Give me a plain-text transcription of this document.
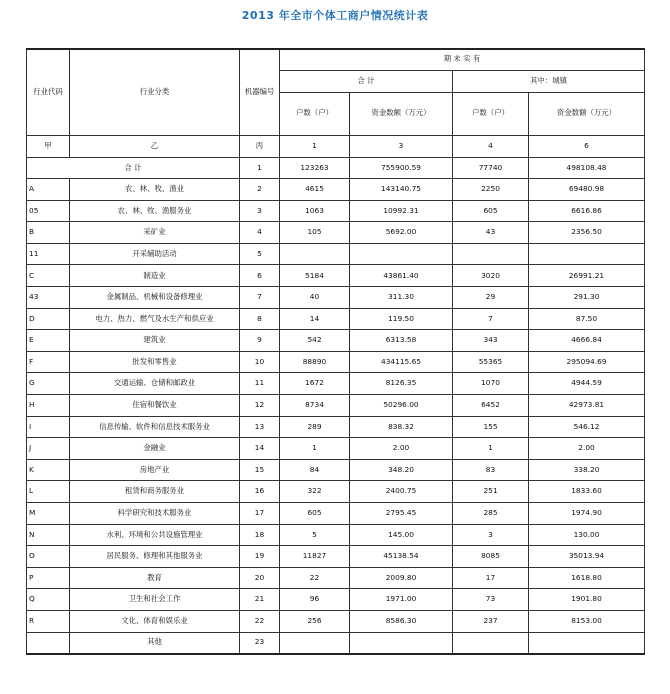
2013 年全市个体工商户情况统计表
行业代码	行业分类	机器编号	期 末 实 有			
			合 计		其中：城镇	
			户数（户）	资金数额（万元）	户数（户）	资金数额（万元）
甲	乙	丙	1	3	4	6
合 计		1	123263	755900.59	77740	498108.48
A	农、林、牧、渔业	2	4615	143140.75	2250	69480.98
05	农、林、牧、渔服务业	3	1063	10992.31	605	6616.86
B	采矿业	4	105	5692.00	43	2356.50
11	开采辅助活动	5				
C	制造业	6	5184	43861.40	3020	26991.21
43	金属制品、机械和设备修理业	7	40	311.30	29	291.30
D	电力、热力、燃气及水生产和供应业	8	14	119.50	7	87.50
E	建筑业	9	542	6313.58	343	4666.84
F	批发和零售业	10	88890	434115.65	55365	295094.69
G	交通运输、仓储和邮政业	11	1672	8126.35	1070	4944.59
H	住宿和餐饮业	12	8734	50296.00	6452	42973.81
I	信息传输、软件和信息技术服务业	13	289	838.32	155	546.12
J	金融业	14	1	2.00	1	2.00
K	房地产业	15	84	348.20	83	338.20
L	租赁和商务服务业	16	322	2400.75	251	1833.60
M	科学研究和技术服务业	17	605	2795.45	285	1974.90
N	水利、环境和公共设施管理业	18	5	145.00	3	130.00
O	居民服务、修理和其他服务业	19	11827	45138.54	8085	35013.94
P	教育	20	22	2009.80	17	1618.80
Q	卫生和社会工作	21	96	1971.00	73	1901.80
R	文化、体育和娱乐业	22	256	8586.30	237	8153.00
	其他	23				
